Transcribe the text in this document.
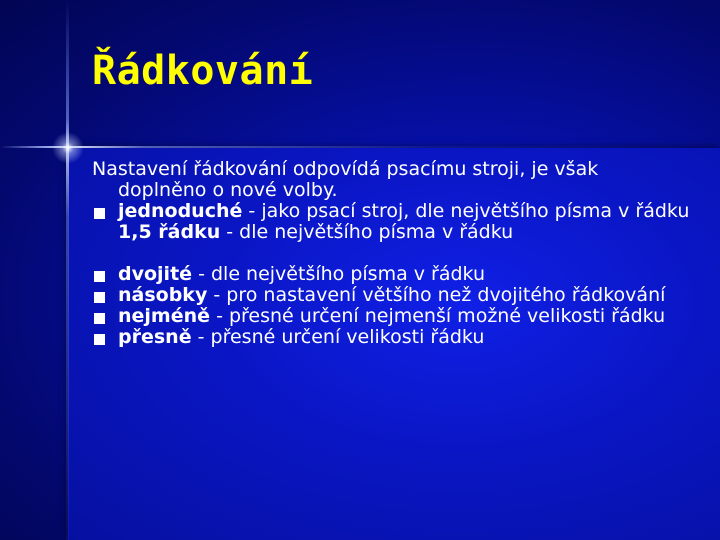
Řádkování
Nastavení řádkování odpovídá psacímu stroji, je však doplněno o nové volby.
jednoduché - jako psací stroj, dle největšího písma v řádku
1,5 řádku - dle největšího písma v řádku
dvojité - dle největšího písma v řádku
násobky - pro nastavení většího než dvojitého řádkování
nejméně - přesné určení nejmenší možné velikosti řádku
přesně - přesné určení velikosti řádku
